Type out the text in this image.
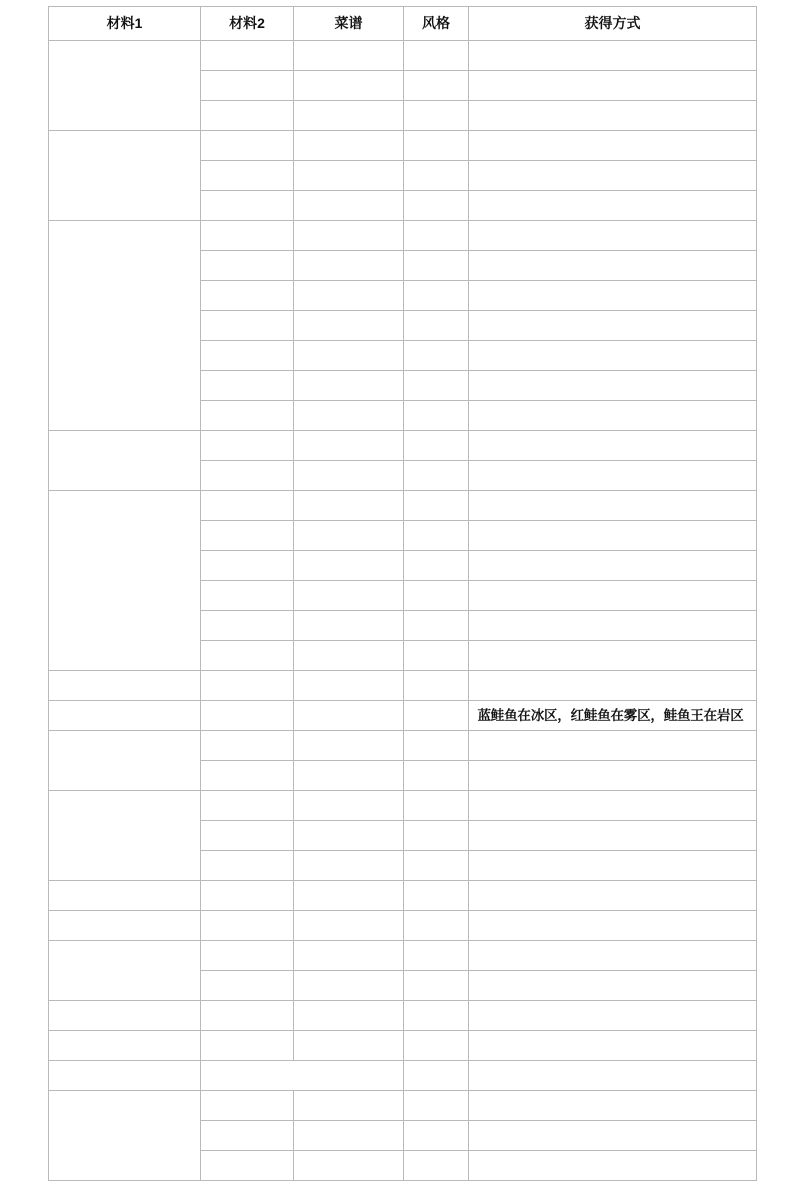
材料1	材料2	菜谱	风格	获得方式

				蓝鲑鱼在冰区，红鲑鱼在雾区，鲑鱼王在岩区
